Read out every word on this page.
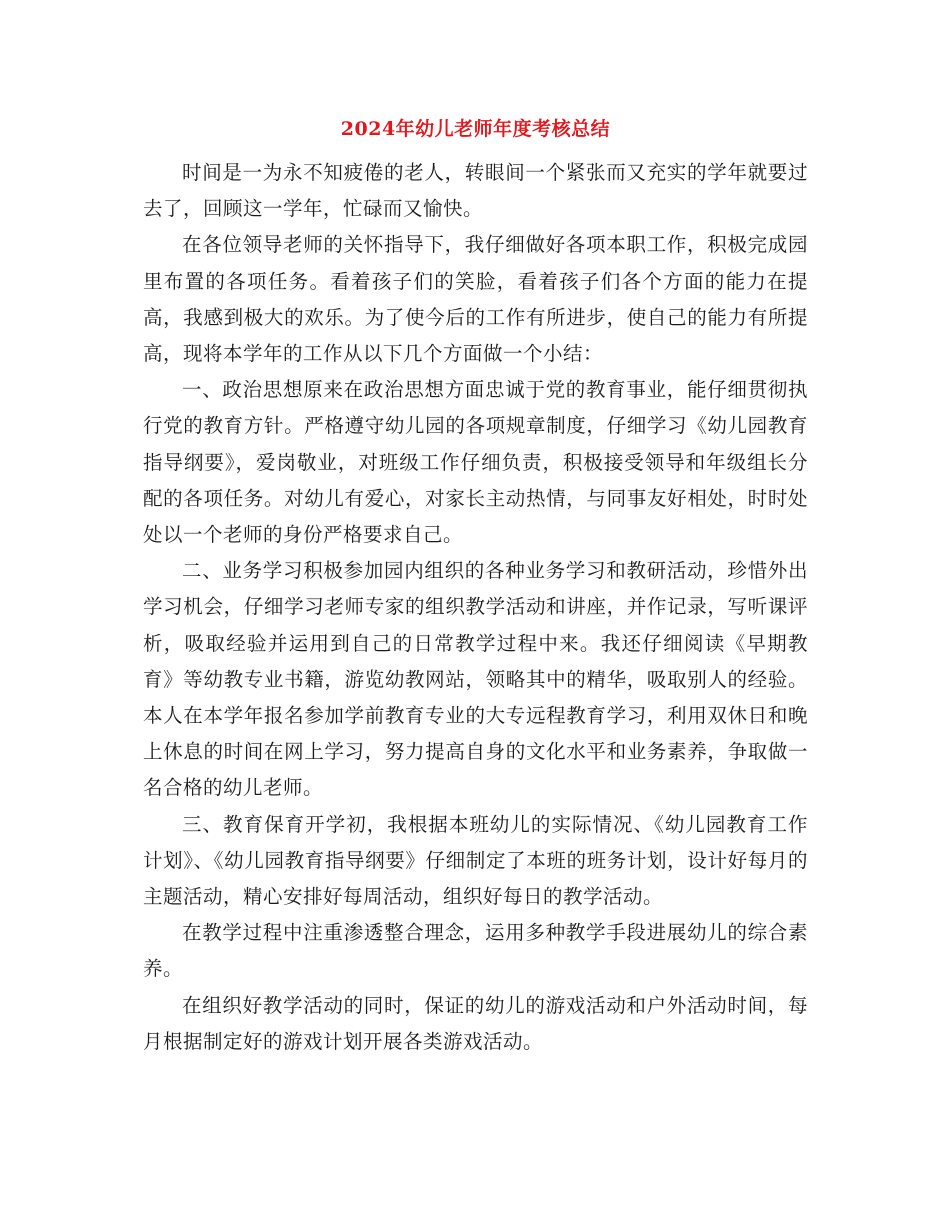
2024年幼儿老师年度考核总结

时间是一为永不知疲倦的老人，转眼间一个紧张而又充实的学年就要过去了，回顾这一学年，忙碌而又愉快。

在各位领导老师的关怀指导下，我仔细做好各项本职工作，积极完成园里布置的各项任务。看着孩子们的笑脸，看着孩子们各个方面的能力在提高，我感到极大的欢乐。为了使今后的工作有所进步，使自己的能力有所提高，现将本学年的工作从以下几个方面做一个小结：

一、政治思想原来在政治思想方面忠诚于党的教育事业，能仔细贯彻执行党的教育方针。严格遵守幼儿园的各项规章制度，仔细学习《幼儿园教育指导纲要》，爱岗敬业，对班级工作仔细负责，积极接受领导和年级组长分配的各项任务。对幼儿有爱心，对家长主动热情，与同事友好相处，时时处处以一个老师的身份严格要求自己。

二、业务学习积极参加园内组织的各种业务学习和教研活动，珍惜外出学习机会，仔细学习老师专家的组织教学活动和讲座，并作记录，写听课评析，吸取经验并运用到自己的日常教学过程中来。我还仔细阅读《早期教育》等幼教专业书籍，游览幼教网站，领略其中的精华，吸取别人的经验。本人在本学年报名参加学前教育专业的大专远程教育学习，利用双休日和晚上休息的时间在网上学习，努力提高自身的文化水平和业务素养，争取做一名合格的幼儿老师。

三、教育保育开学初，我根据本班幼儿的实际情况、《幼儿园教育工作计划》、《幼儿园教育指导纲要》仔细制定了本班的班务计划，设计好每月的主题活动，精心安排好每周活动，组织好每日的教学活动。

在教学过程中注重渗透整合理念，运用多种教学手段进展幼儿的综合素养。

在组织好教学活动的同时，保证的幼儿的游戏活动和户外活动时间，每月根据制定好的游戏计划开展各类游戏活动。
